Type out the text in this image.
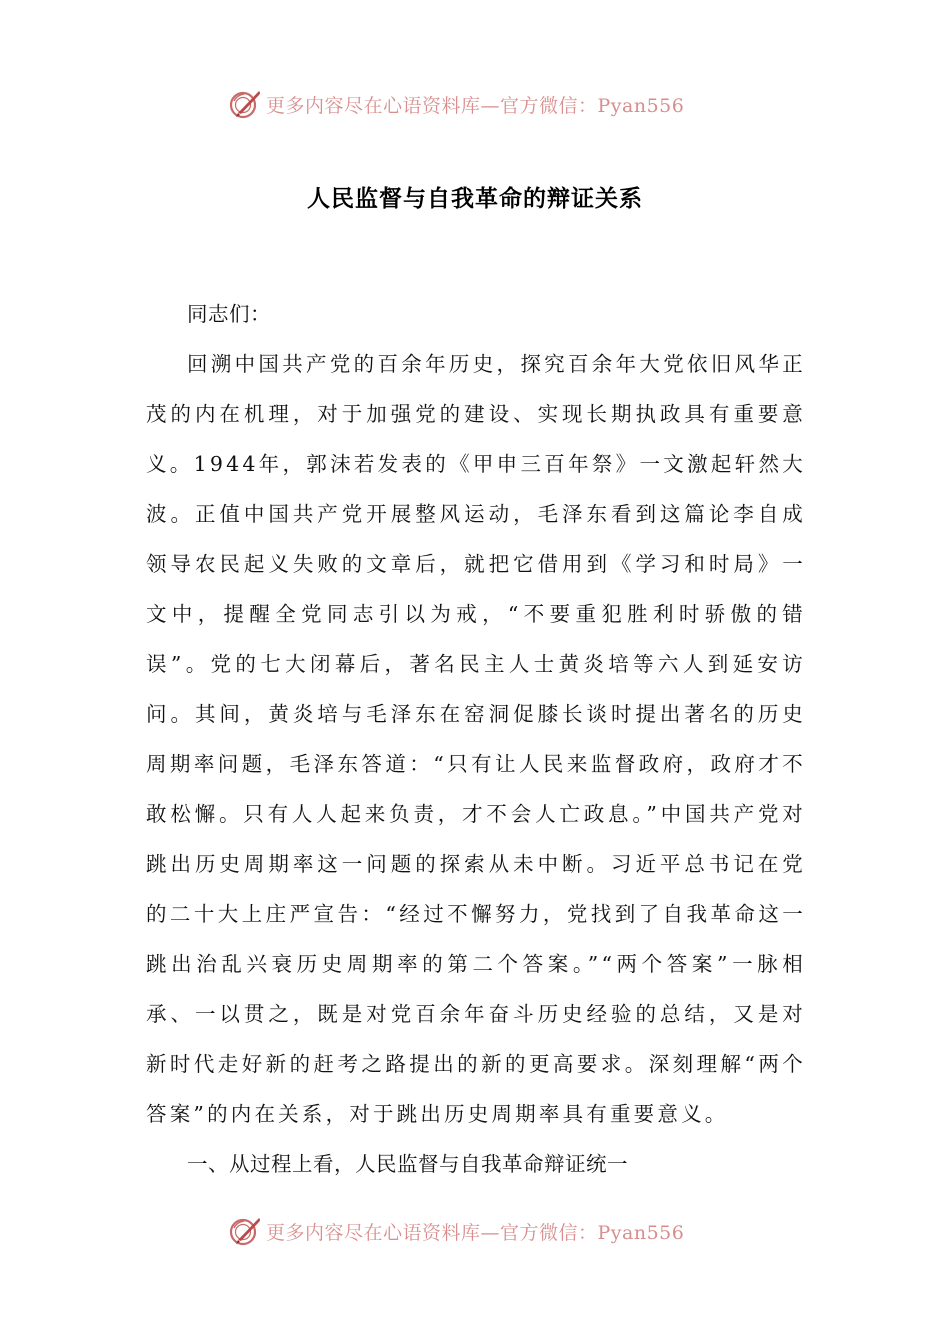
更多内容尽在心语资料库—官方微信：Pyan556
人民监督与自我革命的辩证关系

同志们：

回溯中国共产党的百余年历史，探究百余年大党依旧风华正茂的内在机理，对于加强党的建设、实现长期执政具有重要意义。1944年，郭沫若发表的《甲申三百年祭》一文激起轩然大波。正值中国共产党开展整风运动，毛泽东看到这篇论李自成领导农民起义失败的文章后，就把它借用到《学习和时局》一文中，提醒全党同志引以为戒，“不要重犯胜利时骄傲的错误”。党的七大闭幕后，著名民主人士黄炎培等六人到延安访问。其间，黄炎培与毛泽东在窑洞促膝长谈时提出著名的历史周期率问题，毛泽东答道：“只有让人民来监督政府，政府才不敢松懈。只有人人起来负责，才不会人亡政息。”中国共产党对跳出历史周期率这一问题的探索从未中断。习近平总书记在党的二十大上庄严宣告：“经过不懈努力，党找到了自我革命这一跳出治乱兴衰历史周期率的第二个答案。”“两个答案”一脉相承、一以贯之，既是对党百余年奋斗历史经验的总结，又是对新时代走好新的赶考之路提出的新的更高要求。深刻理解“两个答案”的内在关系，对于跳出历史周期率具有重要意义。

一、从过程上看，人民监督与自我革命辩证统一

更多内容尽在心语资料库—官方微信：Pyan556
